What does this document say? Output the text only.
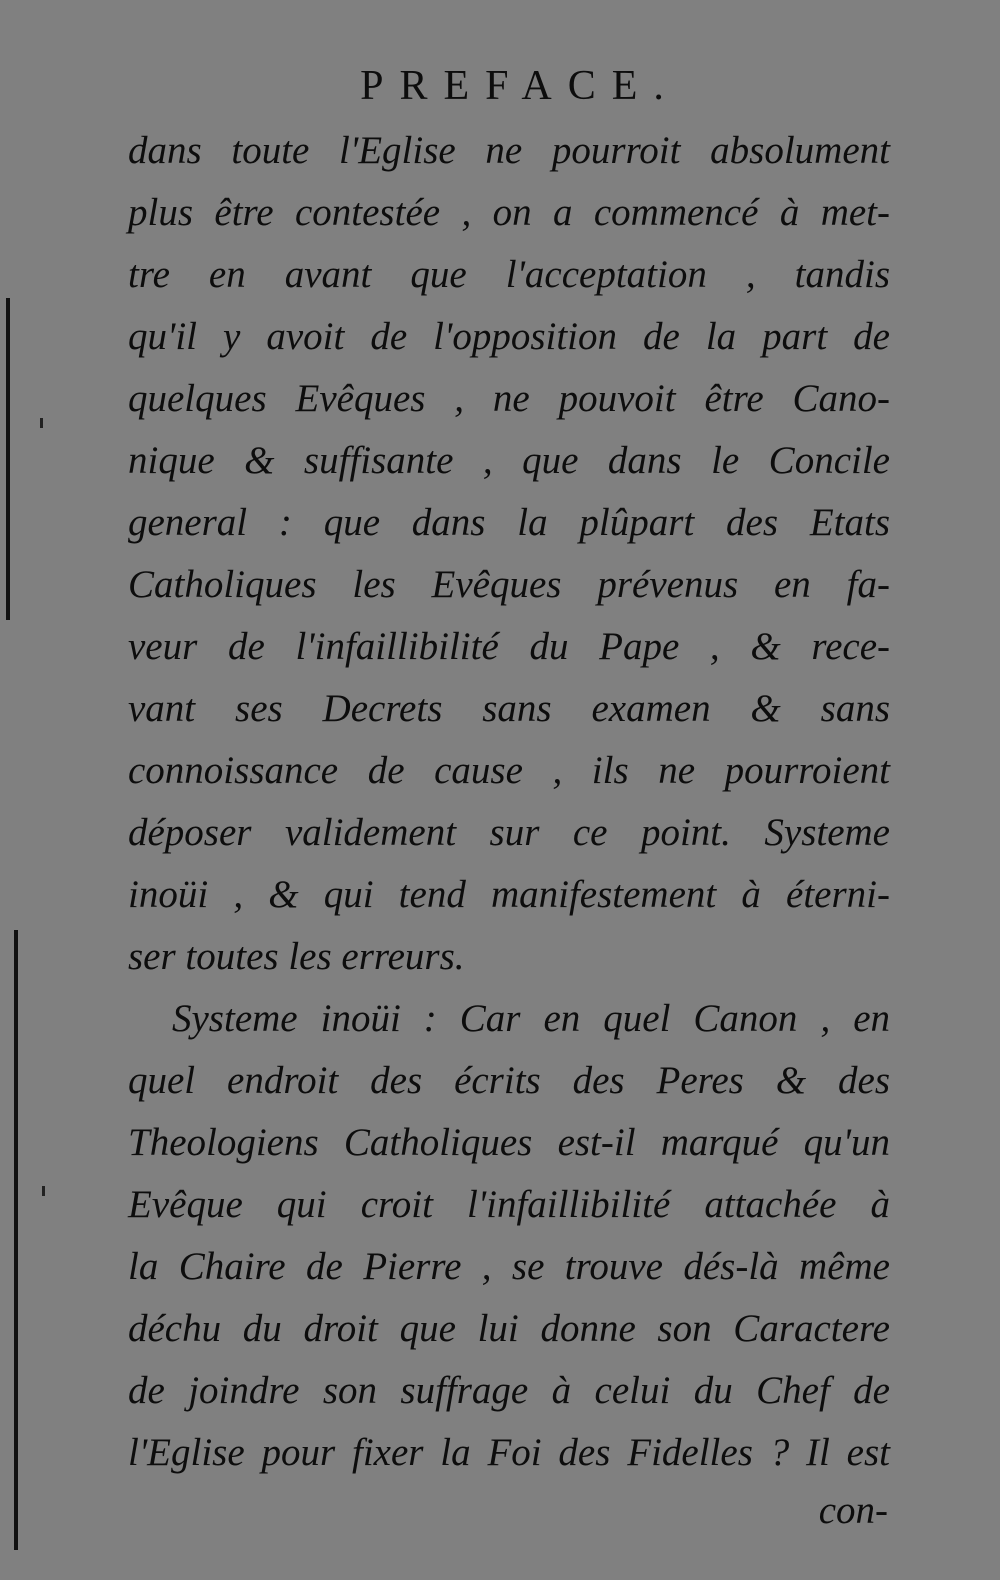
PREFACE.
dans toute l'Eglise ne pourroit absolument
plus être contestée , on a commencé à met-
tre en avant que l'acceptation , tandis
qu'il y avoit de l'opposition de la part de
quelques Evêques , ne pouvoit être Cano-
nique & suffisante , que dans le Concile
general : que dans la plûpart des Etats
Catholiques les Evêques prévenus en fa-
veur de l'infaillibilité du Pape , & rece-
vant ses Decrets sans examen & sans
connoissance de cause , ils ne pourroient
déposer validement sur ce point. Systeme
inoüi , & qui tend manifestement à éterni-
ser toutes les erreurs.
Systeme inoüi : Car en quel Canon , en
quel endroit des écrits des Peres & des
Theologiens Catholiques est-il marqué qu'un
Evêque qui croit l'infaillibilité attachée à
la Chaire de Pierre , se trouve dés-là même
déchu du droit que lui donne son Caractere
de joindre son suffrage à celui du Chef de
l'Eglise pour fixer la Foi des Fidelles ? Il est
con-
